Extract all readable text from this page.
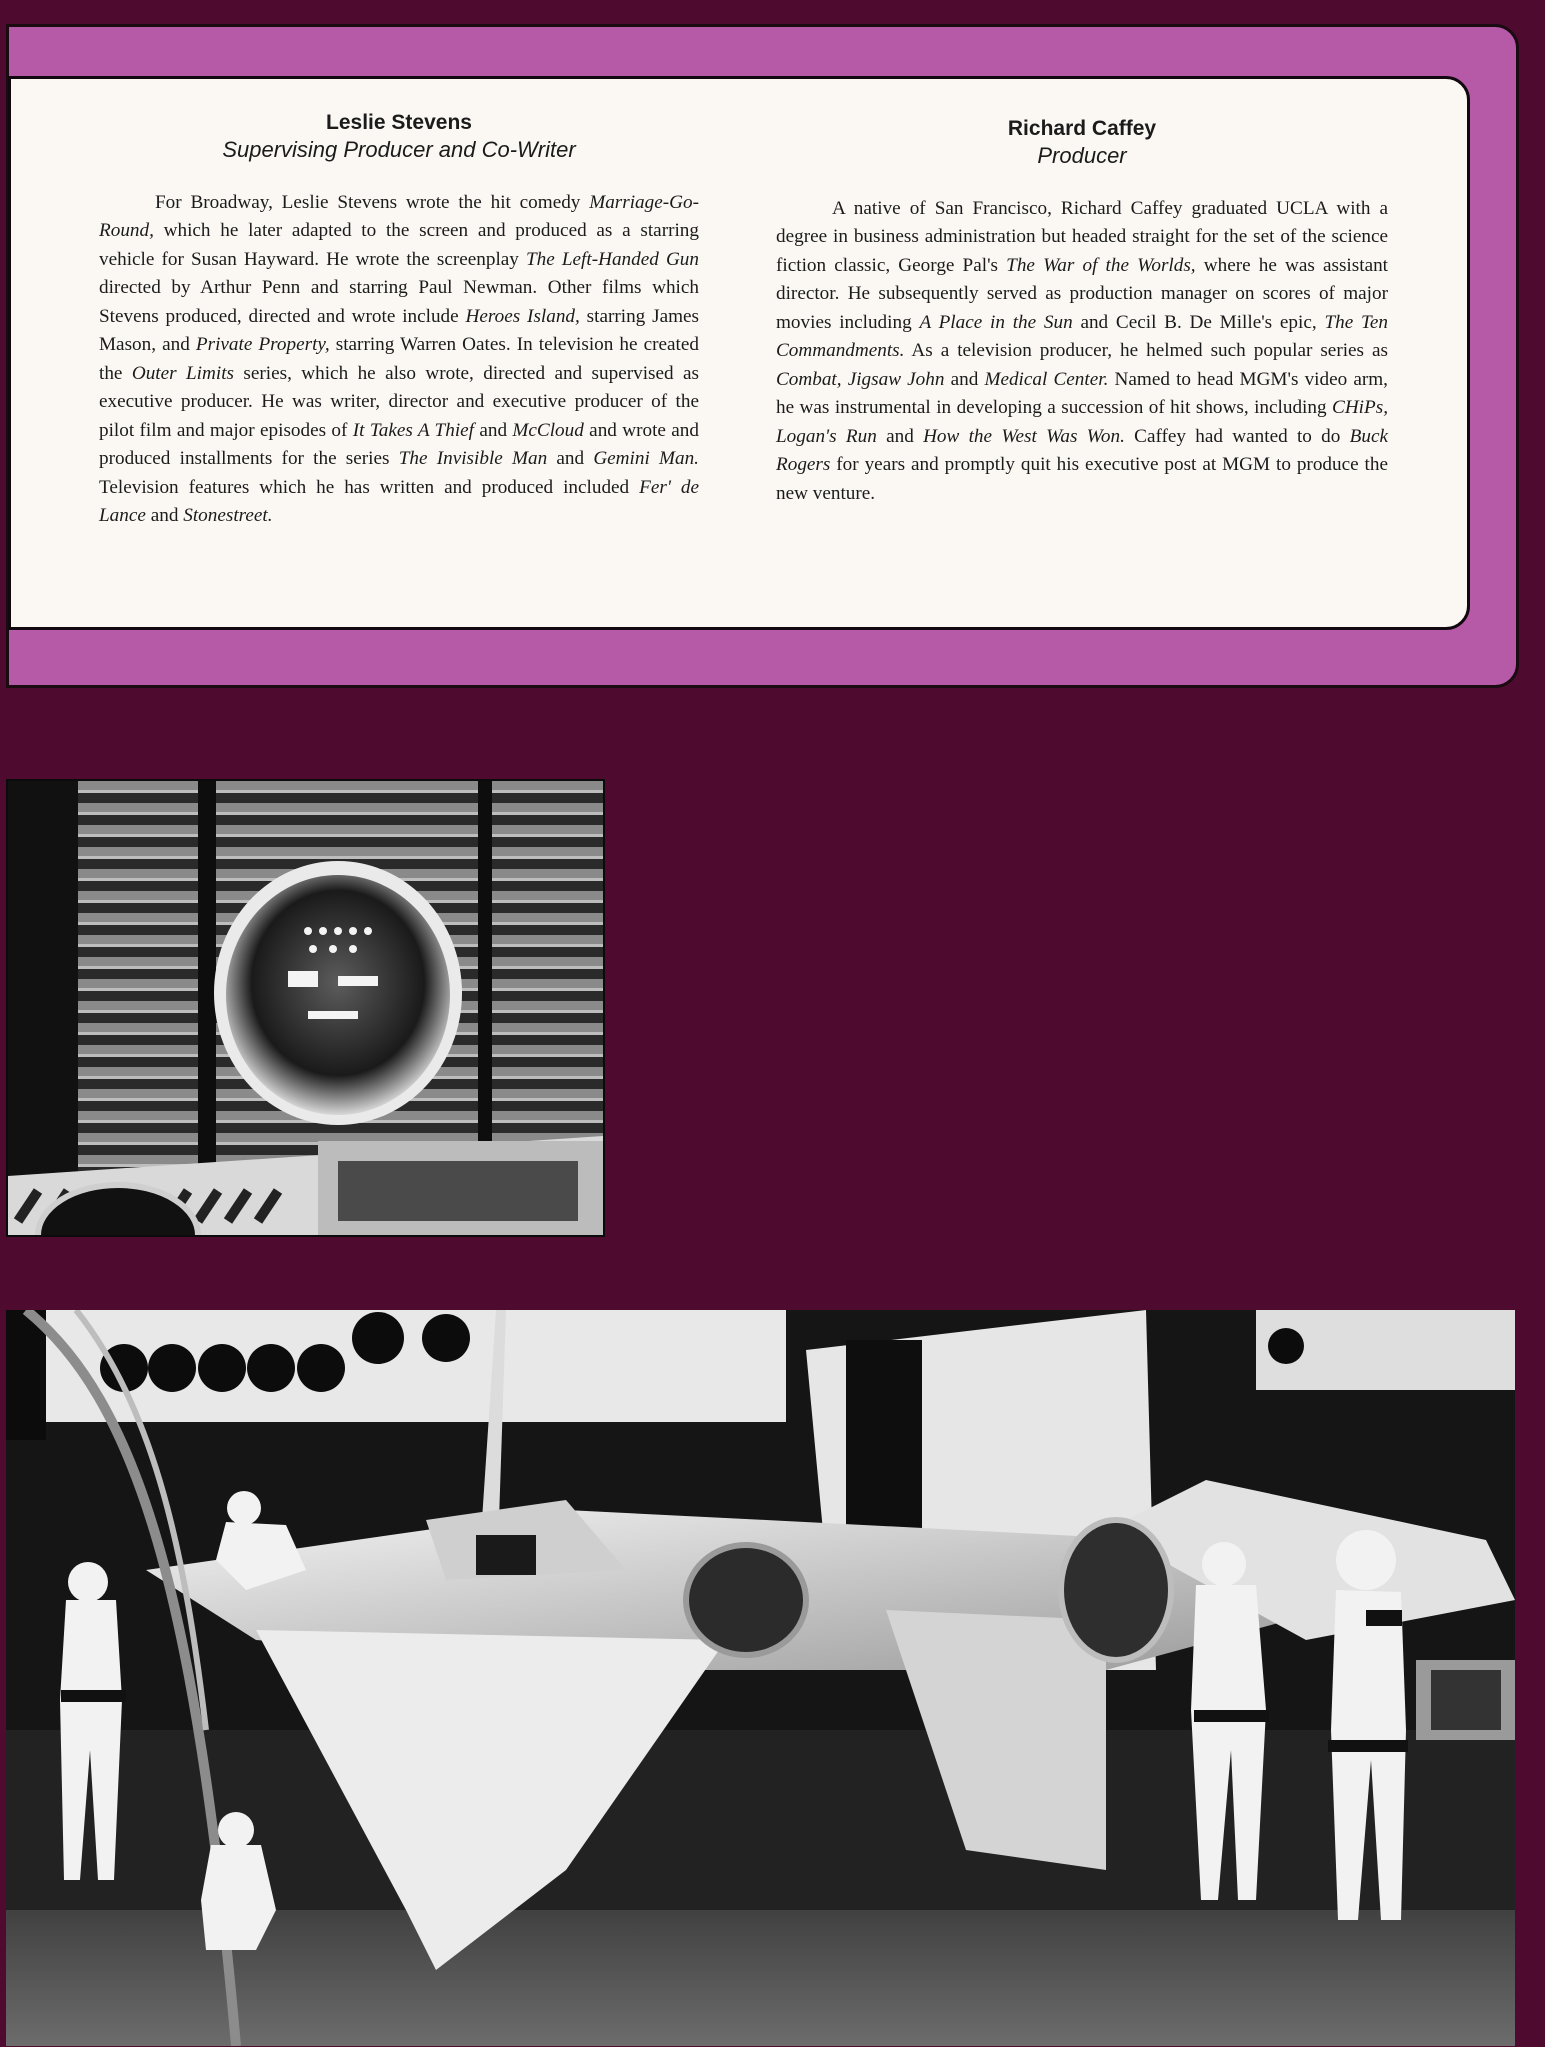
Leslie Stevens

Supervising Producer and Co-Writer

For Broadway, Leslie Stevens wrote the hit comedy Marriage-Go-Round, which he later adapted to the screen and produced as a starring vehicle for Susan Hayward. He wrote the screenplay The Left-Handed Gun directed by Arthur Penn and starring Paul Newman. Other films which Stevens produced, directed and wrote include Heroes Island, starring James Mason, and Private Property, starring Warren Oates. In television he created the Outer Limits series, which he also wrote, directed and supervised as executive producer. He was writer, director and executive producer of the pilot film and major episodes of It Takes A Thief and McCloud and wrote and produced installments for the series The Invisible Man and Gemini Man. Television features which he has written and produced included Fer' de Lance and Stonestreet.

Richard Caffey

Producer

A native of San Francisco, Richard Caffey graduated UCLA with a degree in business administration but headed straight for the set of the science fiction classic, George Pal's The War of the Worlds, where he was assistant director. He subsequently served as production manager on scores of major movies including A Place in the Sun and Cecil B. De Mille's epic, The Ten Commandments. As a television producer, he helmed such popular series as Combat, Jigsaw John and Medical Center. Named to head MGM's video arm, he was instrumental in developing a succession of hit shows, including CHiPs, Logan's Run and How the West Was Won. Caffey had wanted to do Buck Rogers for years and promptly quit his executive post at MGM to produce the new venture.
